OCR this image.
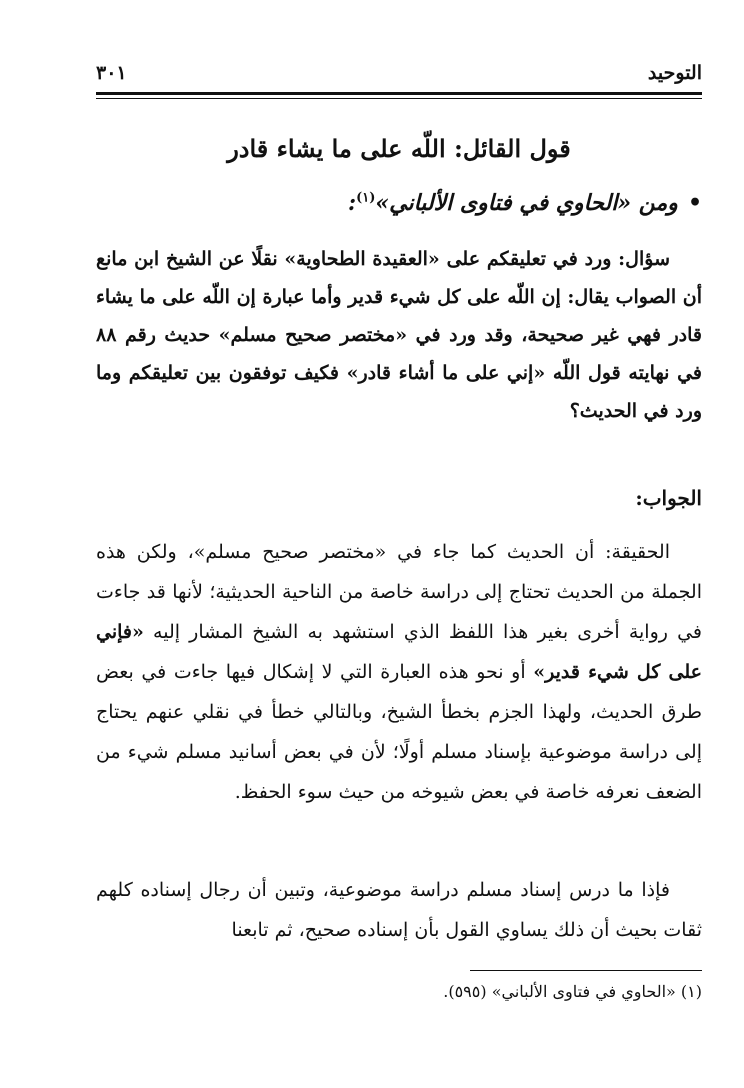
التوحيد
٣٠١
قول القائل: اللّه على ما يشاء قادر
•ومن «الحاوي في فتاوى الألباني»$^{(١)}$:
سؤال: ورد في تعليقكم على «العقيدة الطحاوية» نقلًا عن الشيخ ابن مانع أن الصواب يقال: إن اللّه على كل شيء قدير وأما عبارة إن اللّه على ما يشاء قادر فهي غير صحيحة، وقد ورد في «مختصر صحيح مسلم» حديث رقم ٨٨ في نهايته قول اللّه «إني على ما أشاء قادر» فكيف توفقون بين تعليقكم وما ورد في الحديث؟
الجواب:
الحقيقة: أن الحديث كما جاء في «مختصر صحيح مسلم»، ولكن هذه الجملة من الحديث تحتاج إلى دراسة خاصة من الناحية الحديثية؛ لأنها قد جاءت في رواية أخرى بغير هذا اللفظ الذي استشهد به الشيخ المشار إليه «فإني على كل شيء قدير» أو نحو هذه العبارة التي لا إشكال فيها جاءت في بعض طرق الحديث، ولهذا الجزم بخطأ الشيخ، وبالتالي خطأ في نقلي عنهم يحتاج إلى دراسة موضوعية بإسناد مسلم أولًا؛ لأن في بعض أسانيد مسلم شيء من الضعف نعرفه خاصة في بعض شيوخه من حيث سوء الحفظ.
فإذا ما درس إسناد مسلم دراسة موضوعية، وتبين أن رجال إسناده كلهم ثقات بحيث أن ذلك يساوي القول بأن إسناده صحيح، ثم تابعنا
(١) «الحاوي في فتاوى الألباني» (٥٩٥).
